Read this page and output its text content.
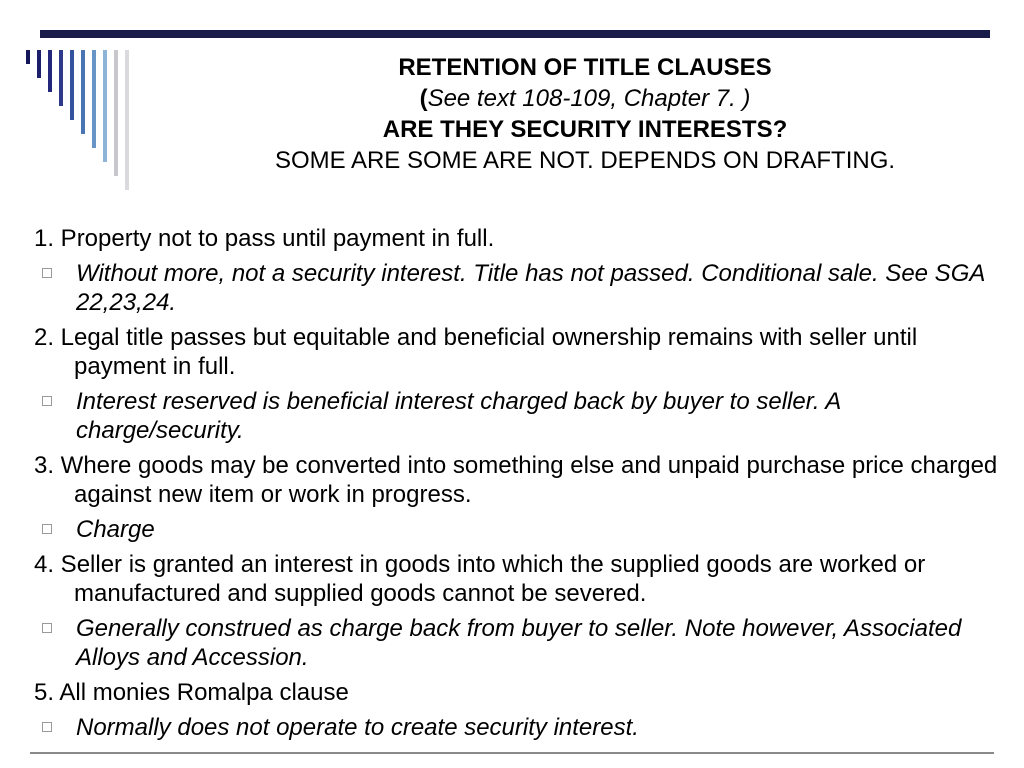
RETENTION OF TITLE CLAUSES
(See text 108-109, Chapter 7. )
ARE THEY SECURITY INTERESTS?
SOME ARE SOME ARE NOT. DEPENDS ON DRAFTING.
1. Property not to pass until payment in full.
Without more, not a security interest. Title has not passed. Conditional sale. See SGA 22,23,24.
2. Legal title passes but equitable and beneficial ownership remains with seller until payment in full.
Interest reserved is beneficial interest charged back by buyer to seller. A charge/security.
3. Where goods may be converted into something else and unpaid purchase price charged against new item or work in progress.
Charge
4. Seller is granted an interest in goods into which the supplied goods are worked or manufactured and supplied goods cannot be severed.
Generally construed as charge back from buyer to seller. Note however, Associated Alloys and Accession.
5. All monies Romalpa clause
Normally does not operate to create security interest.
